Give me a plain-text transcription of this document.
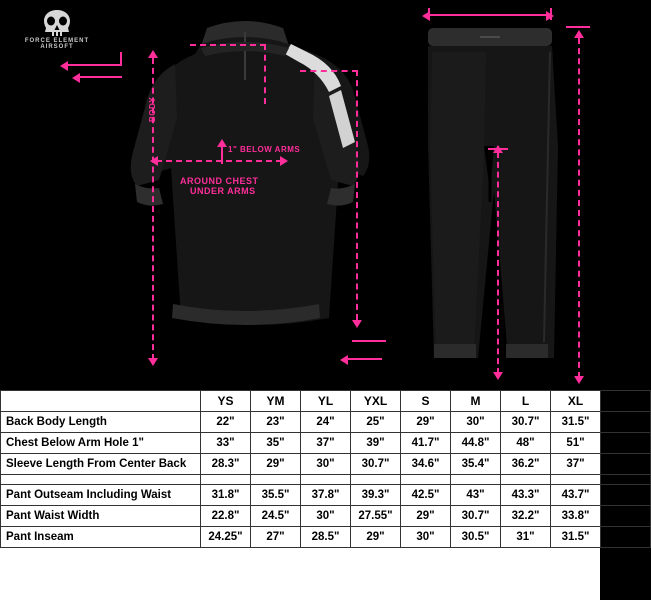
FORCE ELEMENT AIRSOFT
BODY
1" BELOW ARMS
AROUND CHEST
UNDER ARMS
	YS	YM	YL	YXL	S	M	L	XL	2XL
Back Body Length	22"	23"	24"	25"	29"	30"	30.7"	31.5"	32.2"
Chest Below Arm Hole 1"	33"	35"	37"	39"	41.7"	44.8"	48"	51"	54.3"
Sleeve Length From Center Back	28.3"	29"	30"	30.7"	34.6"	35.4"	36.2"	37"	37.8"

Pant Outseam Including Waist	31.8"	35.5"	37.8"	39.3"	42.5"	43"	43.3"	43.7"	44"
Pant Waist Width	22.8"	24.5"	30"	27.55"	29"	30.7"	32.2"	33.8"	35.5"
Pant Inseam	24.25"	27"	28.5"	29"	30"	30.5"	31"	31.5"	32"
